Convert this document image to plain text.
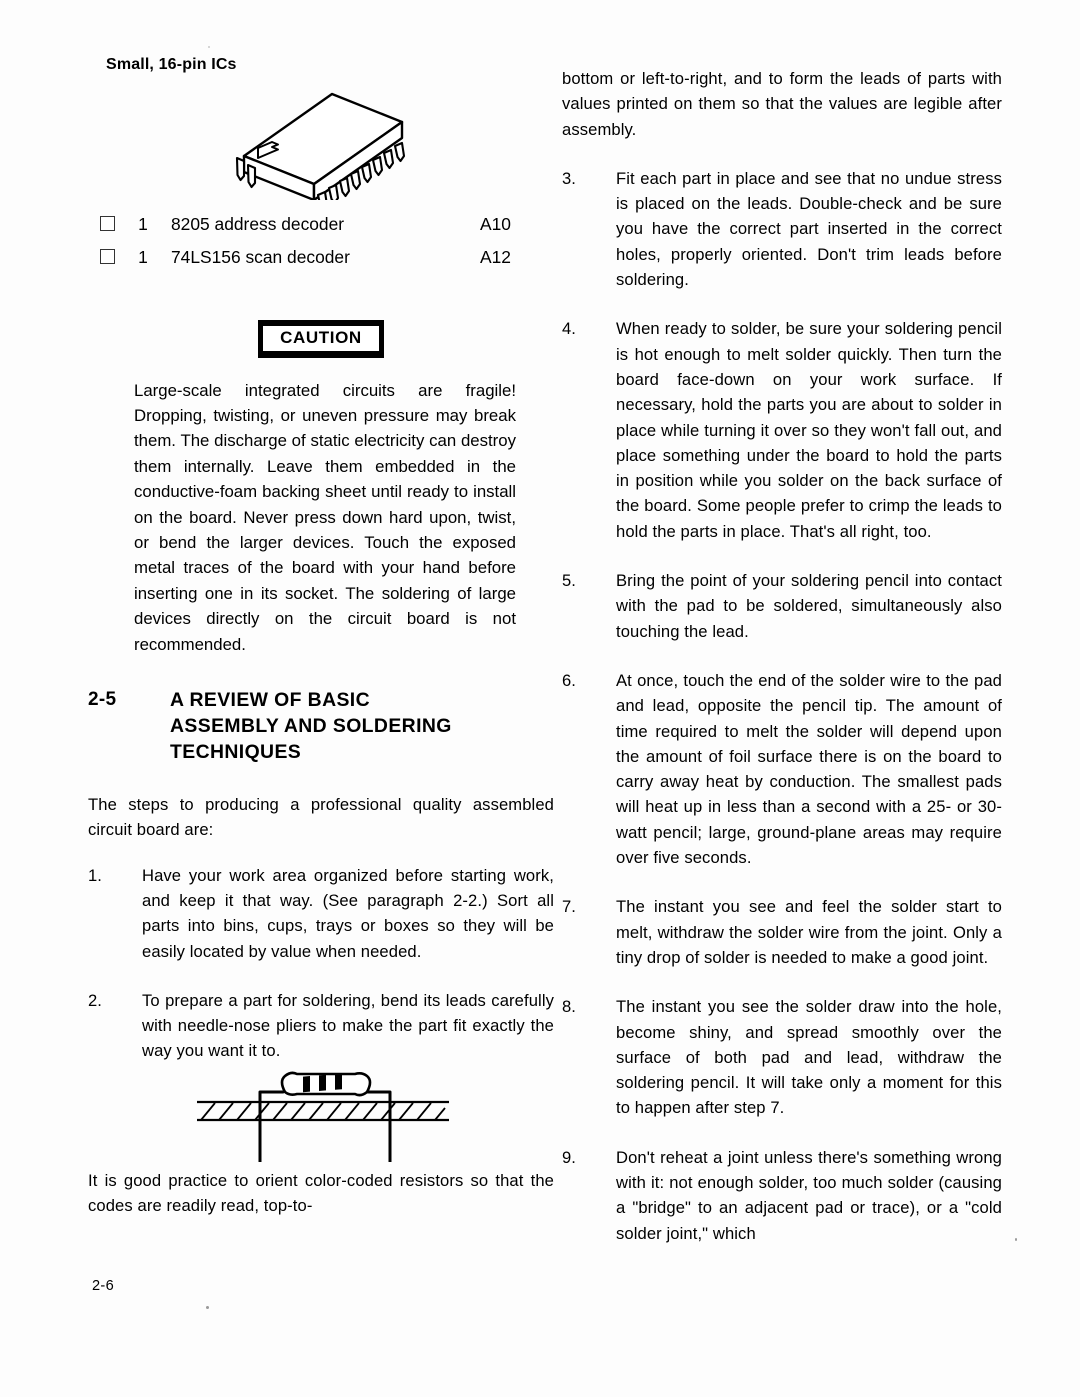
Small, 16-pin ICs
1	8205 address decoder	A10
1	74LS156 scan decoder	A12
CAUTION
Large-scale integrated circuits are fragile! Dropping, twisting, or uneven pressure may break them. The discharge of static electricity can destroy them internally. Leave them embedded in the conductive-foam backing sheet until ready to install on the board. Never press down hard upon, twist, or bend the larger devices. Touch the exposed metal traces of the board with your hand before inserting one in its socket. The soldering of large devices directly on the circuit board is not recommended.
2-5	A REVIEW OF BASIC
ASSEMBLY AND SOLDERING
TECHNIQUES
The steps to producing a professional quality assembled circuit board are:
1.	Have your work area organized before starting work, and keep it that way. (See paragraph 2-2.) Sort all parts into bins, cups, trays or boxes so they will be easily located by value when needed.
2.	To prepare a part for soldering, bend its leads carefully with needle-nose pliers to make the part fit exactly the way you want it to.
It is good practice to orient color-coded resistors so that the codes are readily read, top-to-
bottom or left-to-right, and to form the leads of parts with values printed on them so that the values are legible after assembly.
3.	Fit each part in place and see that no undue stress is placed on the leads. Double-check and be sure you have the correct part inserted in the correct holes, properly oriented. Don't trim leads before soldering.
4.	When ready to solder, be sure your soldering pencil is hot enough to melt solder quickly. Then turn the board face-down on your work surface. If necessary, hold the parts you are about to solder in place while turning it over so they won't fall out, and place something under the board to hold the parts in position while you solder on the back surface of the board. Some people prefer to crimp the leads to hold the parts in place. That's all right, too.
5.	Bring the point of your soldering pencil into contact with the pad to be soldered, simultaneously also touching the lead.
6.	At once, touch the end of the solder wire to the pad and lead, opposite the pencil tip. The amount of time required to melt the solder will depend upon the amount of foil surface there is on the board to carry away heat by conduction. The smallest pads will heat up in less than a second with a 25- or 30-watt pencil; large, ground-plane areas may require over five seconds.
7.	The instant you see and feel the solder start to melt, withdraw the solder wire from the joint. Only a tiny drop of solder is needed to make a good joint.
8.	The instant you see the solder draw into the hole, become shiny, and spread smoothly over the surface of both pad and lead, withdraw the soldering pencil. It will take only a moment for this to happen after step 7.
9.	Don't reheat a joint unless there's something wrong with it: not enough solder, too much solder (causing a "bridge" to an adjacent pad or trace), or a "cold solder joint," which
2-6
